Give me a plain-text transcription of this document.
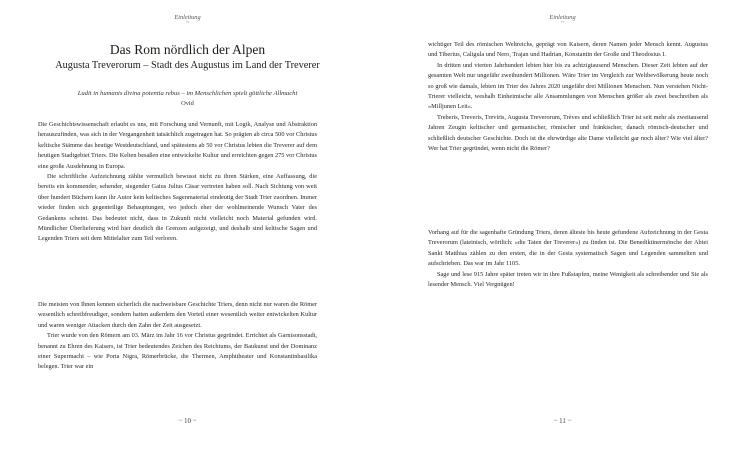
Einleitung
~
Das Rom nördlich der Alpen
Augusta Treverorum – Stadt des Augustus im Land der Treverer
Ludit in humanis divina potentia rebus – im Menschlichen spielt göttliche Allmacht
Ovid

Die Geschichtswissenschaft erlaubt es uns, mit Forschung und Vernunft, mit Logik, Analyse und Abstraktion herauszufinden, was sich in der Vergangenheit tatsächlich zugetragen hat. So prägten ab circa 500 vor Christus keltische Stämme das heutige Westdeutschland, und spätestens ab 50 vor Christus lebten die Treverer auf dem heutigen Stadtgebiet Triers. Die Kelten besaßen eine entwickelte Kultur und erreichten gegen 275 vor Christus eine große Ausdehnung in Europa.

Die schriftliche Aufzeichnung zählte vermutlich bewusst nicht zu ihren Stärken, eine Auffassung, die bereits ein kommender, sehender, siegender Gaius Julius Cäsar vertreten haben soll. Nach Sichtung von weit über hundert Büchern kann ihr Autor kein keltisches Sagenmaterial eindeutig der Stadt Trier zuordnen. Immer wieder finden sich gegenteilige Behauptungen, wo jedoch eher der wohlmeinende Wunsch Vater des Gedankens scheint. Das bedeutet nicht, dass in Zukunft nicht vielleicht noch Material gefunden wird. Mündlicher Überlieferung wird hier deutlich die Grenzen aufgezeigt, und deshalb sind keltische Sagen und Legenden Triers seit dem Mittelalter zum Teil verloren.

Die meisten von Ihnen kennen sicherlich die nachweisbare Geschichte Triers, denn nicht nur waren die Römer wesentlich schreibfreudiger, sondern hatten außerdem den Vorteil einer wesentlich weiter entwickelten Kultur und waren weniger Attacken durch den Zahn der Zeit ausgesetzt.

Trier wurde von den Römern am 03. März im Jahr 16 vor Christus gegründet. Errichtet als Garnisonsstadt, benannt zu Ehren des Kaisers, ist Trier bedeutendes Zeichen des Reichtums, der Baukunst und der Dominanz einer Supermacht – wie Porta Nigra, Römerbrücke, die Thermen, Amphitheater und Konstantinbasilika belegen. Trier war ein

~ 10 ~
Einleitung
~

wichtiger Teil des römischen Weltreichs, geprägt von Kaisern, deren Namen jeder Mensch kennt. Augustus und Tiberius, Caligula und Nero, Trajan und Hadrian, Konstantin der Große und Theodosius I.

In dritten und vierten Jahrhundert lebten hier bis zu achtzigtausend Menschen. Dieser Zeit lebten auf der gesamten Welt nur ungefähr zweihundert Millionen. Wäre Trier im Vergleich zur Weltbevölkerung heute noch so groß wie damals, lebten im Trier des Jahres 2020 ungefähr drei Millionen Menschen. Nun verstehen Nicht-Trierer vielleicht, weshalb Einheimische alle Ansammlungen von Menschen größer als zwei beschreiben als »Milljunen Leit«.

Treberis, Treveris, Trevirīs, Augusta Treverorum, Trèves und schließlich Trier ist seit mehr als zweitausend Jahren Zeugin keltischer und germanischer, römischer und fränkischer, danach römisch-deutscher und schließlich deutscher Geschichte. Doch ist die ehrwürdige alte Dame vielleicht gar noch älter? Wie viel älter? Wer hat Trier gegründet, wenn nicht die Römer?

Vorhang auf für die sagenhafte Gründung Triers, deren älteste bis heute gefundene Aufzeichnung in der Gesta Treverorum (lateinisch, wörtlich: »die Taten der Treverer«) zu finden ist. Die Benediktinermönche der Abtei Sankt Matthias zählen zu den ersten, die in der Gesta systematisch Sagen und Legenden sammelten und aufschrieben. Das war im Jahr 1105.

Sage und lese 915 Jahre später treten wir in ihre Fußstapfen, meine Wenigkeit als schreibender und Sie als lesender Mensch. Viel Vergnügen!

~ 11 ~
